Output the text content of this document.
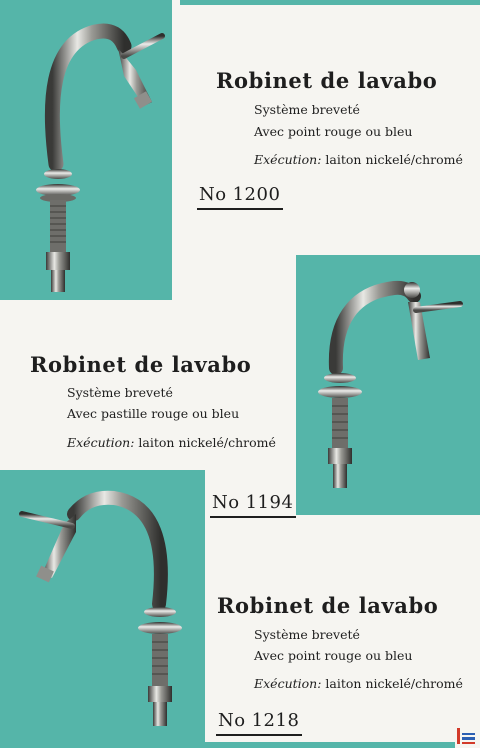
Robinet de lavabo
Système breveté
Avec point rouge ou bleu
Exécution: laiton nickelé/chromé
No 1200
Robinet de lavabo
Système breveté
Avec pastille rouge ou bleu
Exécution: laiton nickelé/chromé
No 1194
Robinet de lavabo
Système breveté
Avec point rouge ou bleu
Exécution: laiton nickelé/chromé
No 1218
